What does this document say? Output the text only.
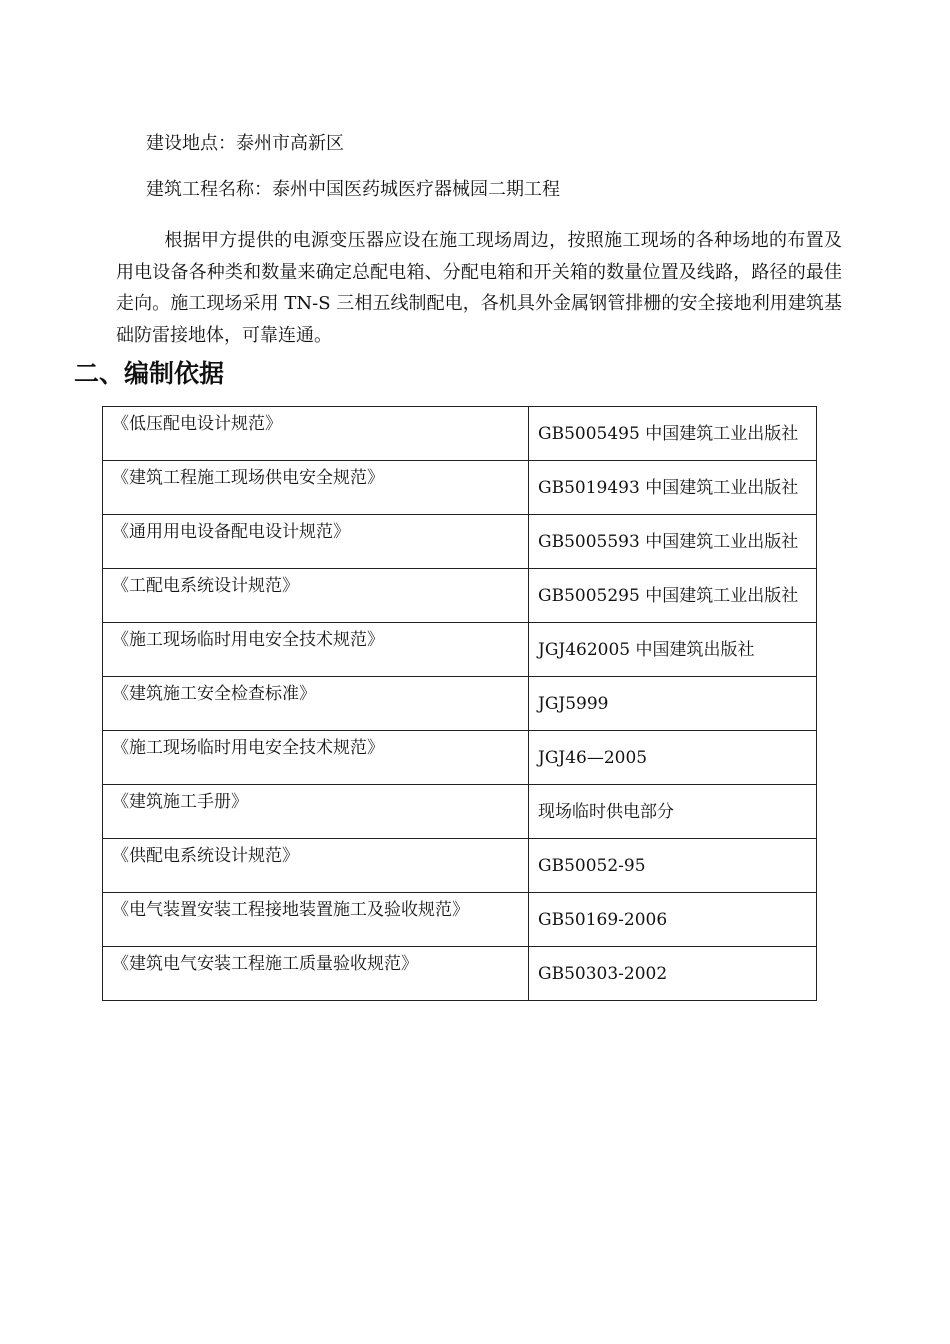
建设地点：泰州市高新区
建筑工程名称：泰州中国医药城医疗器械园二期工程
根据甲方提供的电源变压器应设在施工现场周边，按照施工现场的各种场地的布置及用电设备各种类和数量来确定总配电箱、分配电箱和开关箱的数量位置及线路，路径的最佳走向。施工现场采用 TN-S 三相五线制配电，各机具外金属钢管排栅的安全接地利用建筑基础防雷接地体，可靠连通。
二、编制依据
《低压配电设计规范》	GB5005495 中国建筑工业出版社
《建筑工程施工现场供电安全规范》	GB5019493 中国建筑工业出版社
《通用用电设备配电设计规范》	GB5005593 中国建筑工业出版社
《工配电系统设计规范》	GB5005295 中国建筑工业出版社
《施工现场临时用电安全技术规范》	JGJ462005 中国建筑出版社
《建筑施工安全检查标准》	JGJ5999
《施工现场临时用电安全技术规范》	JGJ46—2005
《建筑施工手册》	现场临时供电部分
《供配电系统设计规范》	GB50052-95
《电气装置安装工程接地装置施工及验收规范》	GB50169-2006
《建筑电气安装工程施工质量验收规范》	GB50303-2002
